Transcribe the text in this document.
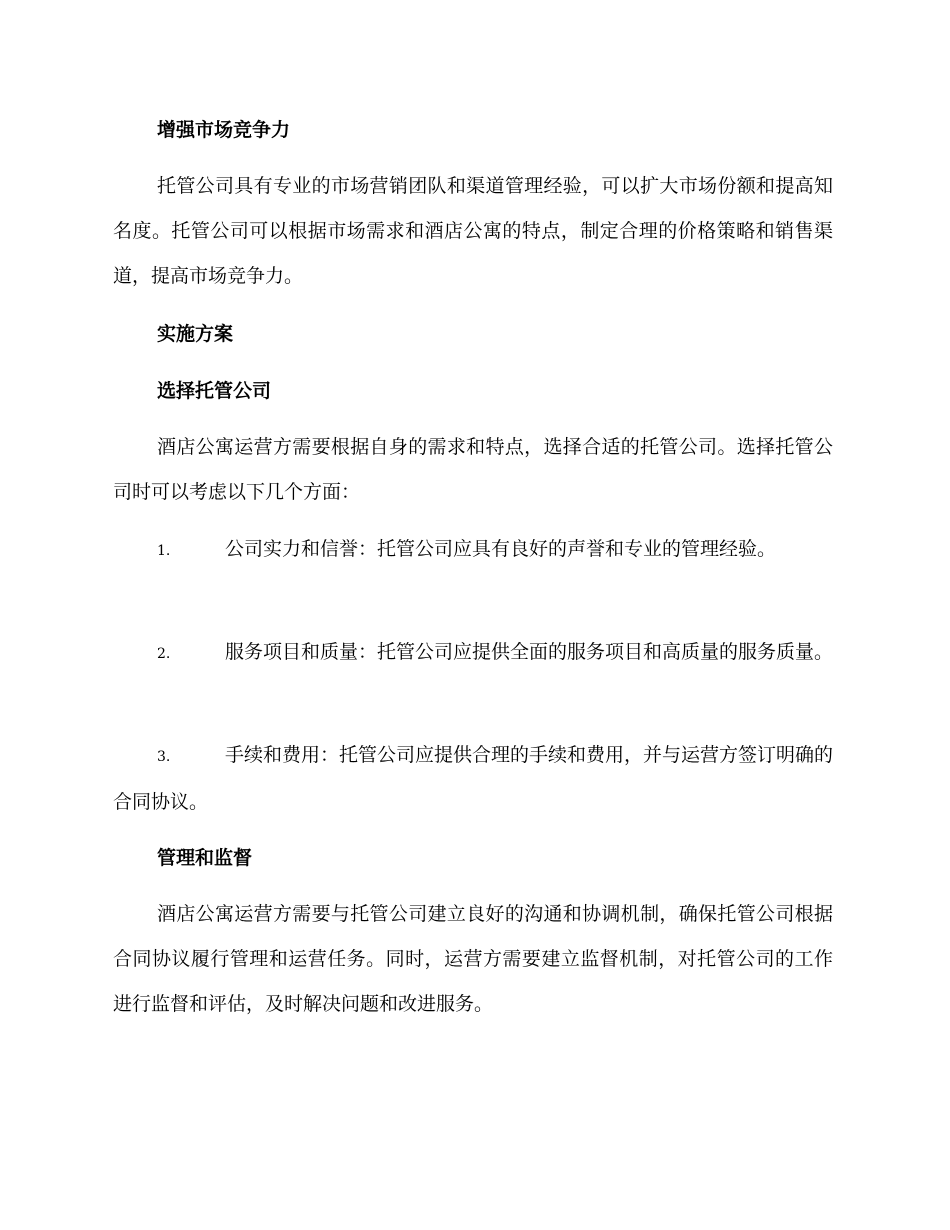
增强市场竞争力
托管公司具有专业的市场营销团队和渠道管理经验，可以扩大市场份额和提高知名度。托管公司可以根据市场需求和酒店公寓的特点，制定合理的价格策略和销售渠道，提高市场竞争力。
实施方案
选择托管公司
酒店公寓运营方需要根据自身的需求和特点，选择合适的托管公司。选择托管公司时可以考虑以下几个方面：
1.	公司实力和信誉：托管公司应具有良好的声誉和专业的管理经验。
2.	服务项目和质量：托管公司应提供全面的服务项目和高质量的服务质量。
3.	手续和费用：托管公司应提供合理的手续和费用，并与运营方签订明确的合同协议。
管理和监督
酒店公寓运营方需要与托管公司建立良好的沟通和协调机制，确保托管公司根据合同协议履行管理和运营任务。同时，运营方需要建立监督机制，对托管公司的工作进行监督和评估，及时解决问题和改进服务。
